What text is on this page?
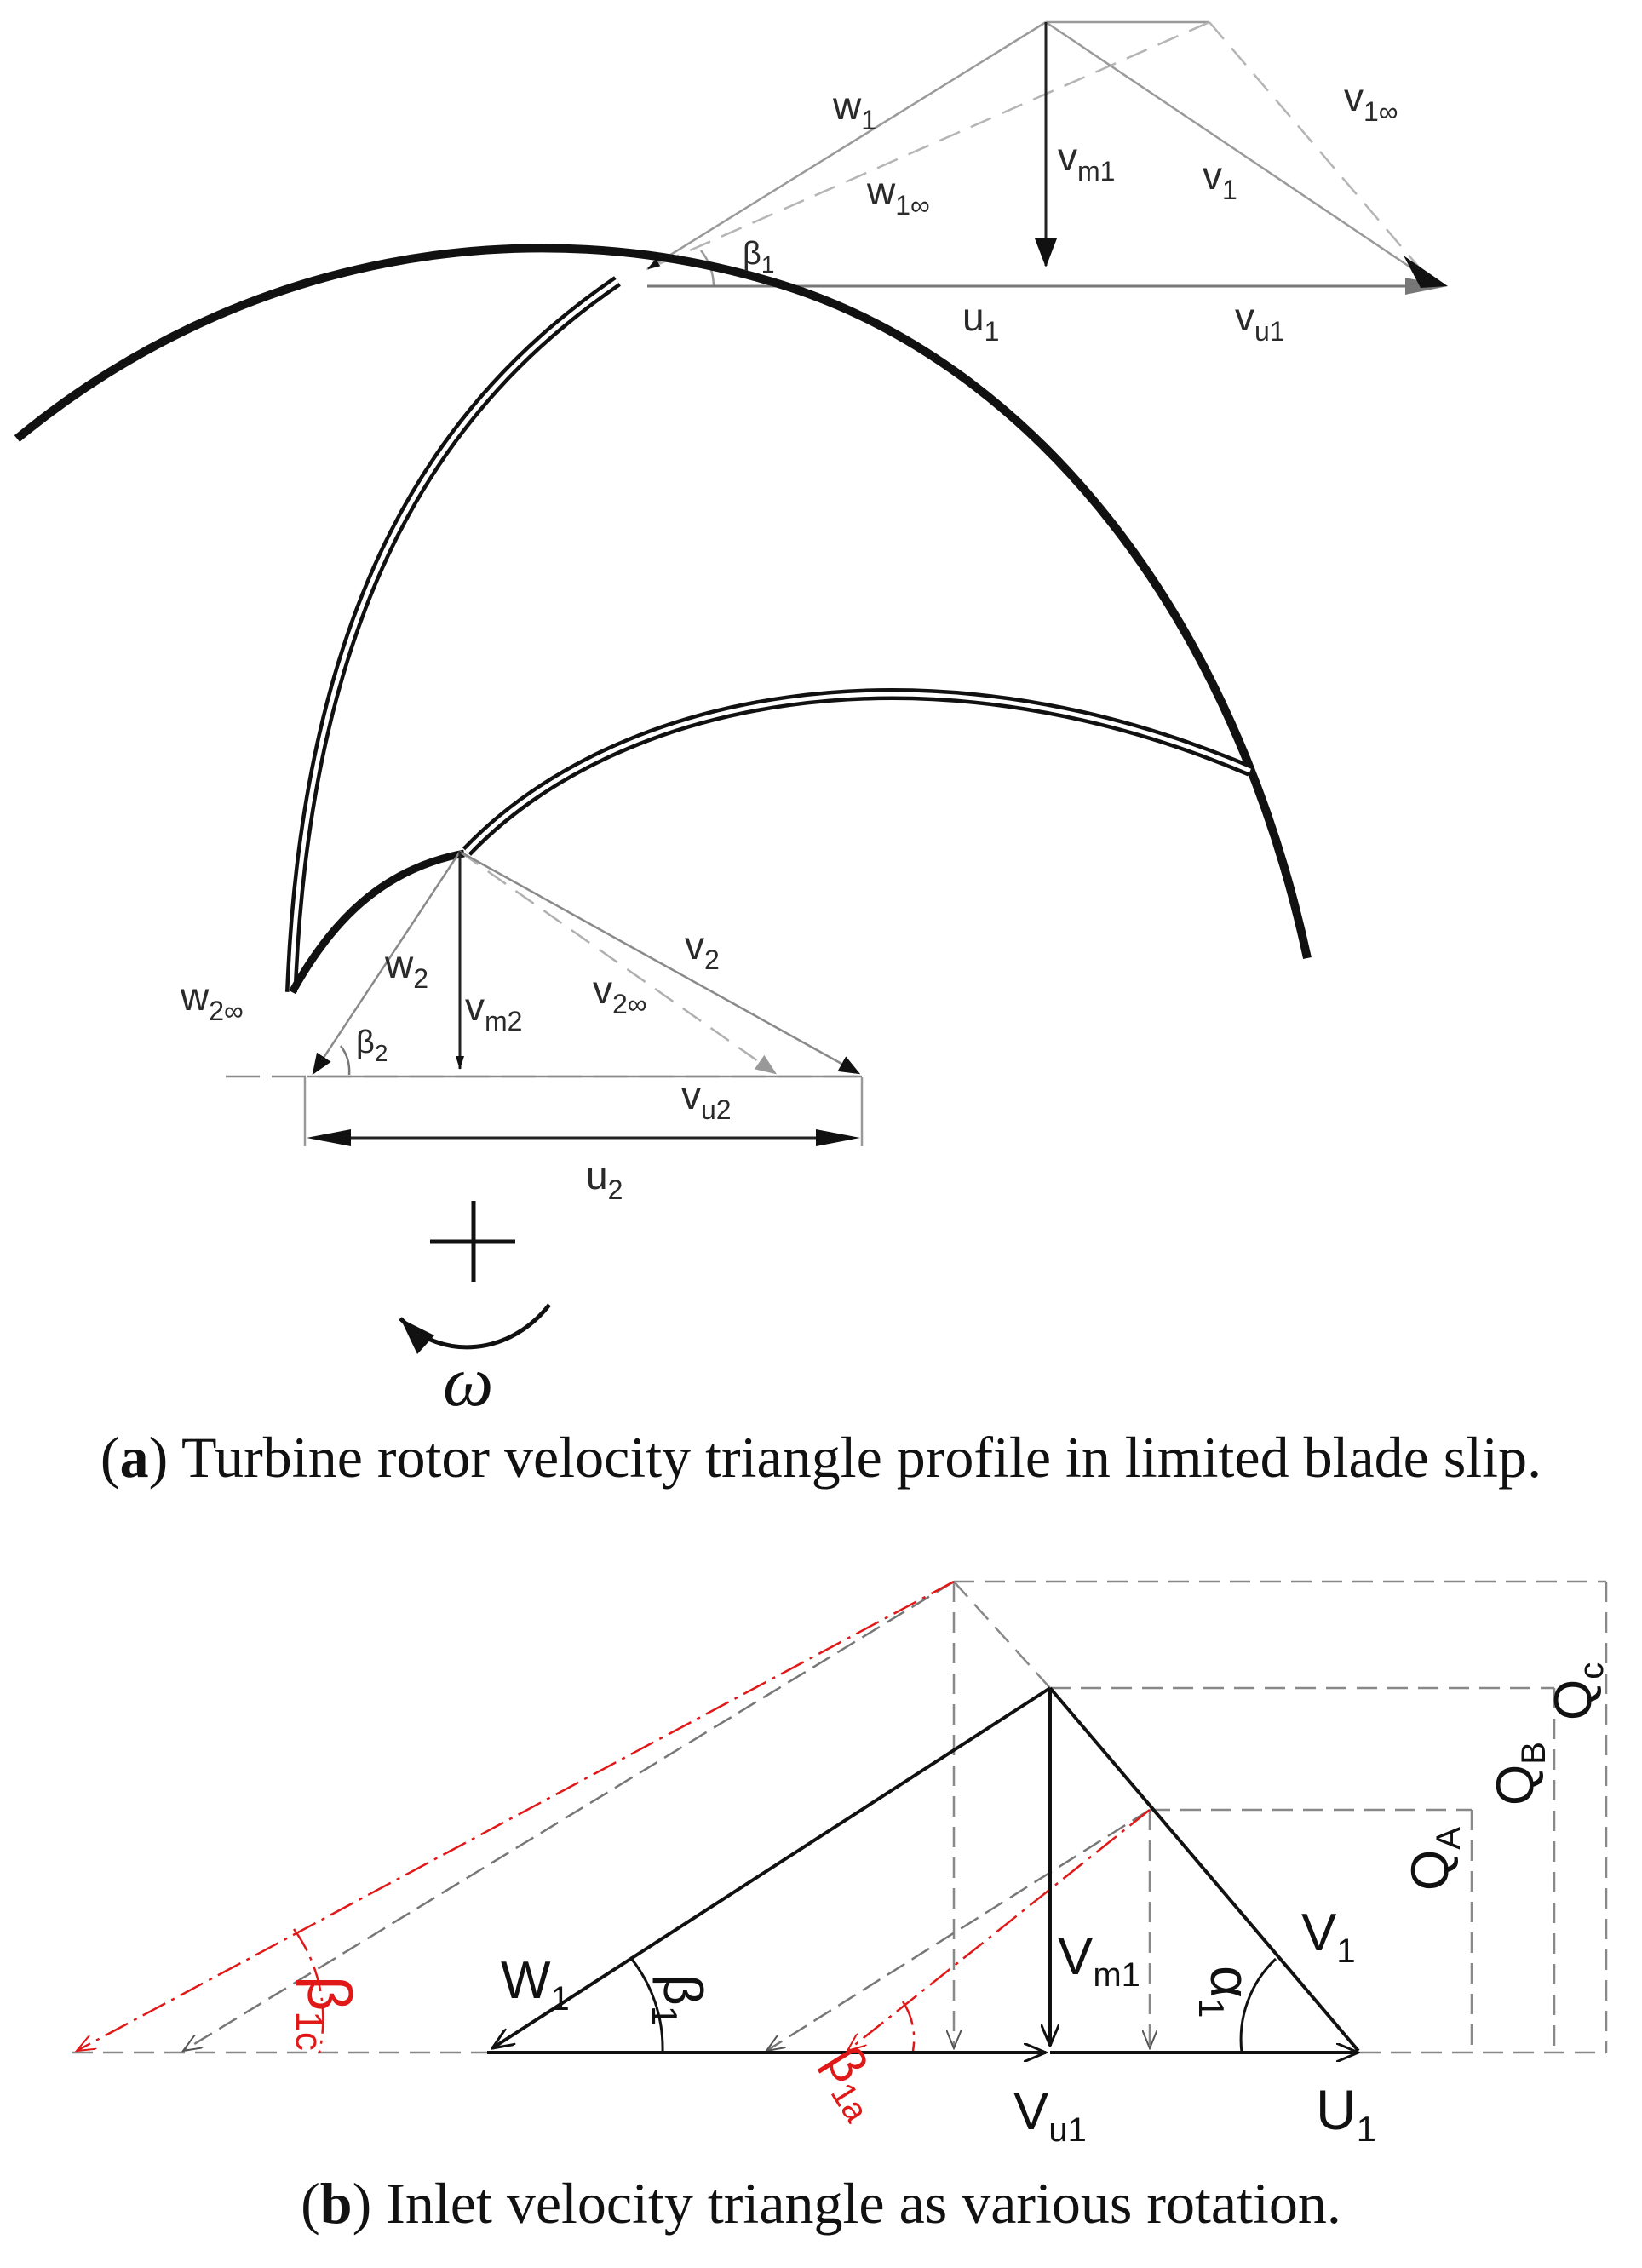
$w_1$
$v_{m1}$
$w_{1\infty}$
$v_1$
$v_{1\infty}$
$\beta_1$
$u_1$	$v_{u1}$
$w_{2\infty}$
$w_2$
$v_{m2}$
$v_{2\infty}$
$v_2$
$\beta_2$
$v_{u2}$
$u_2$
ω
β1c
$W_1$ $\beta_1$
$V_{m1}$ $\alpha_1$
$V_1$
$Q_A$
$Q_B$
$Q_c$
$\beta_{1a}$	$V_{u1}$	$U_1$
(a) Turbine rotor velocity triangle profile in limited blade slip.
(b) Inlet velocity triangle as various rotation.
